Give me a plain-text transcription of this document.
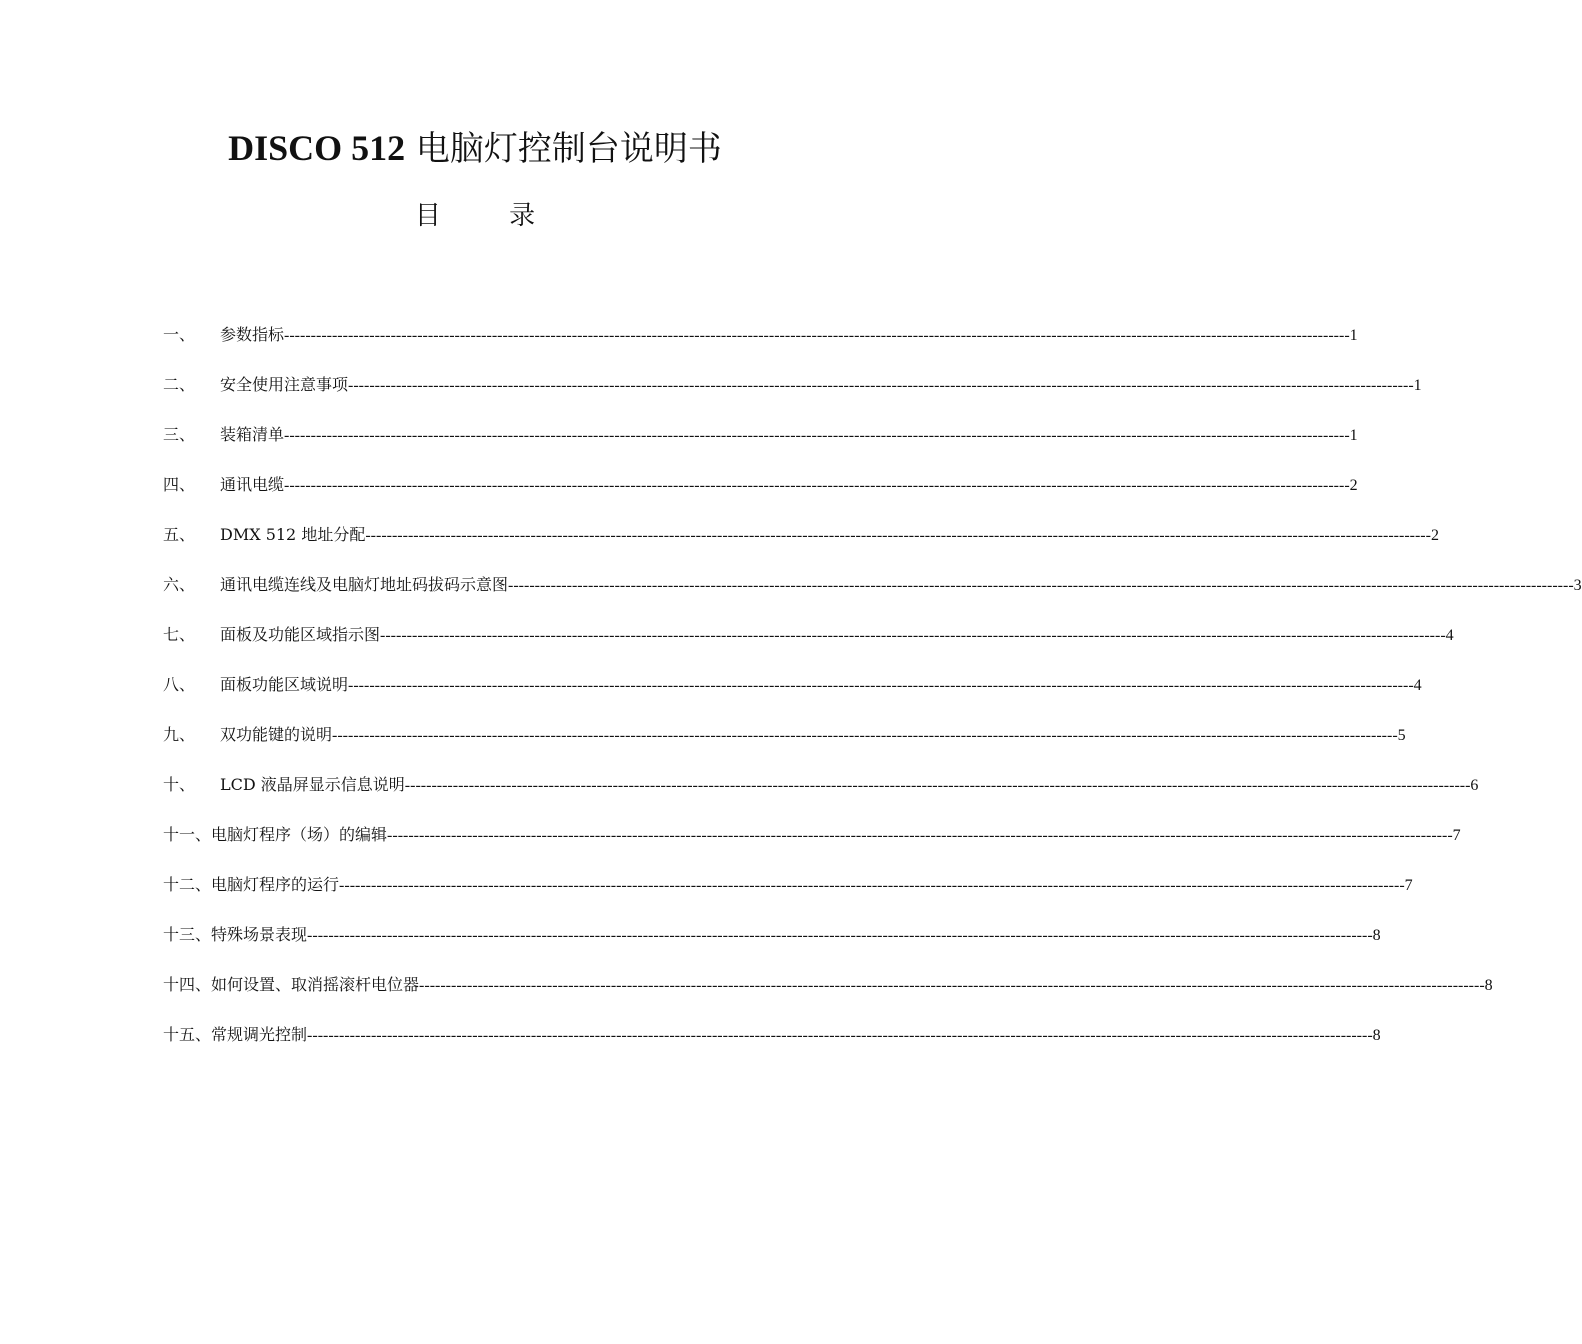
DISCO 512 电脑灯控制台说明书
目 录
一、 参数指标 -------------------------------------------------------------------------------------------------------------------------------------------------------------------------------------------------------- 1
二、 安全使用注意事项 -------------------------------------------------------------------------------------------------------------------------------------------------------------------------------------------------------- 1
三、 装箱清单 -------------------------------------------------------------------------------------------------------------------------------------------------------------------------------------------------------- 1
四、 通讯电缆 -------------------------------------------------------------------------------------------------------------------------------------------------------------------------------------------------------- 2
五、 DMX 512 地址分配 -------------------------------------------------------------------------------------------------------------------------------------------------------------------------------------------------------- 2
六、 通讯电缆连线及电脑灯地址码拔码示意图 -------------------------------------------------------------------------------------------------------------------------------------------------------------------------------------------------------- 3
七、 面板及功能区域指示图 -------------------------------------------------------------------------------------------------------------------------------------------------------------------------------------------------------- 4
八、 面板功能区域说明 -------------------------------------------------------------------------------------------------------------------------------------------------------------------------------------------------------- 4
九、 双功能键的说明 -------------------------------------------------------------------------------------------------------------------------------------------------------------------------------------------------------- 5
十、 LCD 液晶屏显示信息说明 -------------------------------------------------------------------------------------------------------------------------------------------------------------------------------------------------------- 6
十一、 电脑灯程序（场）的编辑 -------------------------------------------------------------------------------------------------------------------------------------------------------------------------------------------------------- 7
十二、 电脑灯程序的运行 -------------------------------------------------------------------------------------------------------------------------------------------------------------------------------------------------------- 7
十三、 特殊场景表现 -------------------------------------------------------------------------------------------------------------------------------------------------------------------------------------------------------- 8
十四、 如何设置、取消摇滚杆电位器 -------------------------------------------------------------------------------------------------------------------------------------------------------------------------------------------------------- 8
十五、 常规调光控制 -------------------------------------------------------------------------------------------------------------------------------------------------------------------------------------------------------- 8
